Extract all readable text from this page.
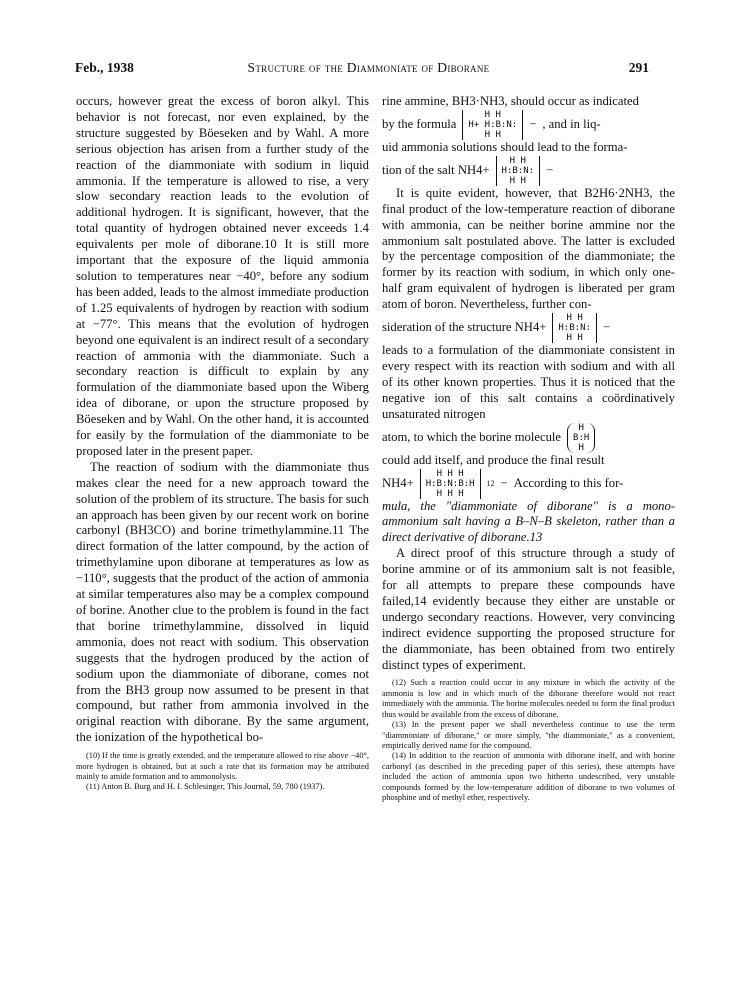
Feb., 1938	Structure of the Diammoniate of Diborane	291

occurs, however great the excess of boron alkyl. This behavior is not forecast, nor even explained, by the structure suggested by Böeseken and by Wahl. A more serious objection has arisen from a further study of the reaction of the diammoniate with sodium in liquid ammonia. If the temperature is allowed to rise, a very slow secondary reaction leads to the evolution of additional hydrogen. It is significant, however, that the total quantity of hydrogen obtained never exceeds 1.4 equivalents per mole of diborane.10 It is still more important that the exposure of the liquid ammonia solution to temperatures near −40°, before any sodium has been added, leads to the almost immediate production of 1.25 equivalents of hydrogen by reaction with sodium at −77°. This means that the evolution of hydrogen beyond one equivalent is an indirect result of a secondary reaction of ammonia with the diammoniate. Such a secondary reaction is difficult to explain by any formulation of the diammoniate based upon the Wiberg idea of diborane, or upon the structure proposed by Böeseken and by Wahl. On the other hand, it is accounted for easily by the formulation of the diammoniate to be proposed later in the present paper.

The reaction of sodium with the diammoniate thus makes clear the need for a new approach toward the solution of the problem of its structure. The basis for such an approach has been given by our recent work on borine carbonyl (BH3CO) and borine trimethylammine.11 The direct formation of the latter compound, by the action of trimethylamine upon diborane at temperatures as low as −110°, suggests that the product of the action of ammonia at similar temperatures also may be a complex compound of borine. Another clue to the problem is found in the fact that borine trimethylammine, dissolved in liquid ammonia, does not react with sodium. This observation suggests that the hydrogen produced by the action of sodium upon the diammoniate of diborane, comes not from the BH3 group now assumed to be present in that compound, but rather from ammonia involved in the original reaction with diborane. By the same argument, the ionization of the hypothetical bo-

(10) If the time is greatly extended, and the temperature allowed to rise above −40°, more hydrogen is obtained, but at such a rate that its formation may be attributed mainly to amide formation and to ammonolysis.

(11) Anton B. Burg and H. I. Schlesinger, This Journal, 59, 780 (1937).

rine ammine, BH3·NH3, should occur as indicated

by the formula
H H
H+ H:B:N:
H H
− , and in liq-

uid ammonia solutions should lead to the forma-

tion of the salt NH4+
H H
H:B:N:
H H
−

It is quite evident, however, that B2H6·2NH3, the final product of the low-temperature reaction of diborane with ammonia, can be neither borine ammine nor the ammonium salt postulated above. The latter is excluded by the percentage composition of the diammoniate; the former by its reaction with sodium, in which only one-half gram equivalent of hydrogen is liberated per gram atom of boron. Nevertheless, further con-

sideration of the structure NH4+
H H
H:B:N:
H H
−

leads to a formulation of the diammoniate consistent in every respect with its reaction with sodium and with all of its other known properties. Thus it is noticed that the negative ion of this salt contains a coördinatively unsaturated nitrogen

atom, to which the borine molecule
H
B:H
H

could add itself, and produce the final result

NH4+
H H H
H:B:N:B:H
H H H
12 − According to this for-

mula, the "diammoniate of diborane" is a mono-ammonium salt having a B–N–B skeleton, rather than a direct derivative of diborane.13

A direct proof of this structure through a study of borine ammine or of its ammonium salt is not feasible, for all attempts to prepare these compounds have failed,14 evidently because they either are unstable or undergo secondary reactions. However, very convincing indirect evidence supporting the proposed structure for the diammoniate, has been obtained from two entirely distinct types of experiment.

(12) Such a reaction could occur in any mixture in which the activity of the ammonia is low and in which much of the diborane therefore would not react immediately with the ammonia. The borine molecules needed to form the final product thus would be available from the excess of diborane.

(13) In the present paper we shall nevertheless continue to use the term "diammoniate of diborane," or more simply, "the diammoniate," as a convenient, empirically derived name for the compound.

(14) In addition to the reaction of ammonia with diborane itself, and with borine carbonyl (as described in the preceding paper of this series), these attempts have included the action of ammonia upon two hitherto undescribed, very unstable compounds formed by the low-temperature addition of diborane to two volumes of phosphine and of methyl ether, respectively.
